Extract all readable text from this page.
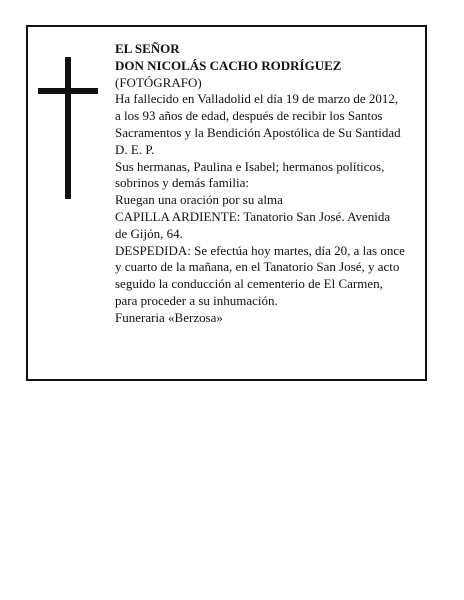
EL SEÑOR
DON NICOLÁS CACHO RODRÍGUEZ
(FOTÓGRAFO)
Ha fallecido en Valladolid el día 19 de marzo de 2012,
a los 93 años de edad, después de recibir los Santos
Sacramentos y la Bendición Apostólica de Su Santidad
D. E. P.
Sus hermanas, Paulina e Isabel; hermanos políticos,
sobrinos y demás familia:
Ruegan una oración por su alma
CAPILLA ARDIENTE: Tanatorio San José. Avenida
de Gijón, 64.
DESPEDIDA: Se efectúa hoy martes, día 20, a las once
y cuarto de la mañana, en el Tanatorio San José, y acto
seguido la conducción al cementerio de El Carmen,
para proceder a su inhumación.
Funeraria «Berzosa»
